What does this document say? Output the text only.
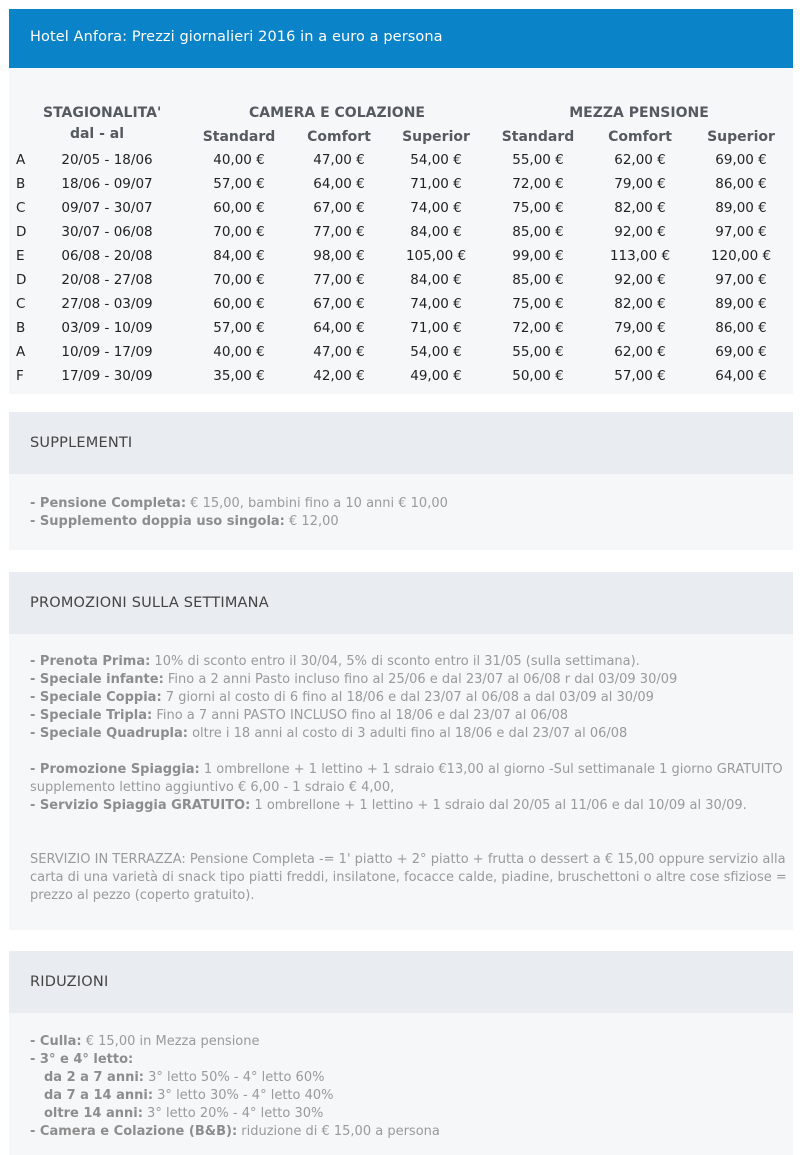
Hotel Anfora: Prezzi giornalieri 2016 in a euro a persona
STAGIONALITA'
dal - al
CAMERA E COLAZIONE	MEZZA PENSIONE
Standard	Comfort	Superior	Standard	Comfort	Superior
A	20/05 - 18/06	40,00 €	47,00 €	54,00 €	55,00 €	62,00 €	69,00 €
B	18/06 - 09/07	57,00 €	64,00 €	71,00 €	72,00 €	79,00 €	86,00 €
C	09/07 - 30/07	60,00 €	67,00 €	74,00 €	75,00 €	82,00 €	89,00 €
D	30/07 - 06/08	70,00 €	77,00 €	84,00 €	85,00 €	92,00 €	97,00 €
E	06/08 - 20/08	84,00 €	98,00 €	105,00 €	99,00 €	113,00 €	120,00 €
D	20/08 - 27/08	70,00 €	77,00 €	84,00 €	85,00 €	92,00 €	97,00 €
C	27/08 - 03/09	60,00 €	67,00 €	74,00 €	75,00 €	82,00 €	89,00 €
B	03/09 - 10/09	57,00 €	64,00 €	71,00 €	72,00 €	79,00 €	86,00 €
A	10/09 - 17/09	40,00 €	47,00 €	54,00 €	55,00 €	62,00 €	69,00 €
F	17/09 - 30/09	35,00 €	42,00 €	49,00 €	50,00 €	57,00 €	64,00 €
SUPPLEMENTI
- Pensione Completa: € 15,00, bambini fino a 10 anni € 10,00
- Supplemento doppia uso singola: € 12,00
PROMOZIONI SULLA SETTIMANA
- Prenota Prima: 10% di sconto entro il 30/04, 5% di sconto entro il 31/05 (sulla settimana).
- Speciale infante: Fino a 2 anni Pasto incluso fino al 25/06 e dal 23/07 al 06/08 r dal 03/09 30/09
- Speciale Coppia: 7 giorni al costo di 6 fino al 18/06 e dal 23/07 al 06/08 a dal 03/09 al 30/09
- Speciale Tripla: Fino a 7 anni PASTO INCLUSO fino al 18/06 e dal 23/07 al 06/08
- Speciale Quadrupla: oltre i 18 anni al costo di 3 adulti fino al 18/06 e dal 23/07 al 06/08
- Promozione Spiaggia: 1 ombrellone + 1 lettino + 1 sdraio €13,00 al giorno -Sul settimanale 1 giorno GRATUITO
supplemento lettino aggiuntivo € 6,00 - 1 sdraio € 4,00,
- Servizio Spiaggia GRATUITO: 1 ombrellone + 1 lettino + 1 sdraio dal 20/05 al 11/06 e dal 10/09 al 30/09.
SERVIZIO IN TERRAZZA: Pensione Completa -= 1' piatto + 2° piatto + frutta o dessert a € 15,00 oppure servizio alla
carta di una varietà di snack tipo piatti freddi, insilatone, focacce calde, piadine, bruschettoni o altre cose sfiziose =
prezzo al pezzo (coperto gratuito).
RIDUZIONI
- Culla: € 15,00 in Mezza pensione
- 3° e 4° letto:
da 2 a 7 anni: 3° letto 50% - 4° letto 60%
da 7 a 14 anni: 3° letto 30% - 4° letto 40%
oltre 14 anni: 3° letto 20% - 4° letto 30%
- Camera e Colazione (B&B): riduzione di € 15,00 a persona
